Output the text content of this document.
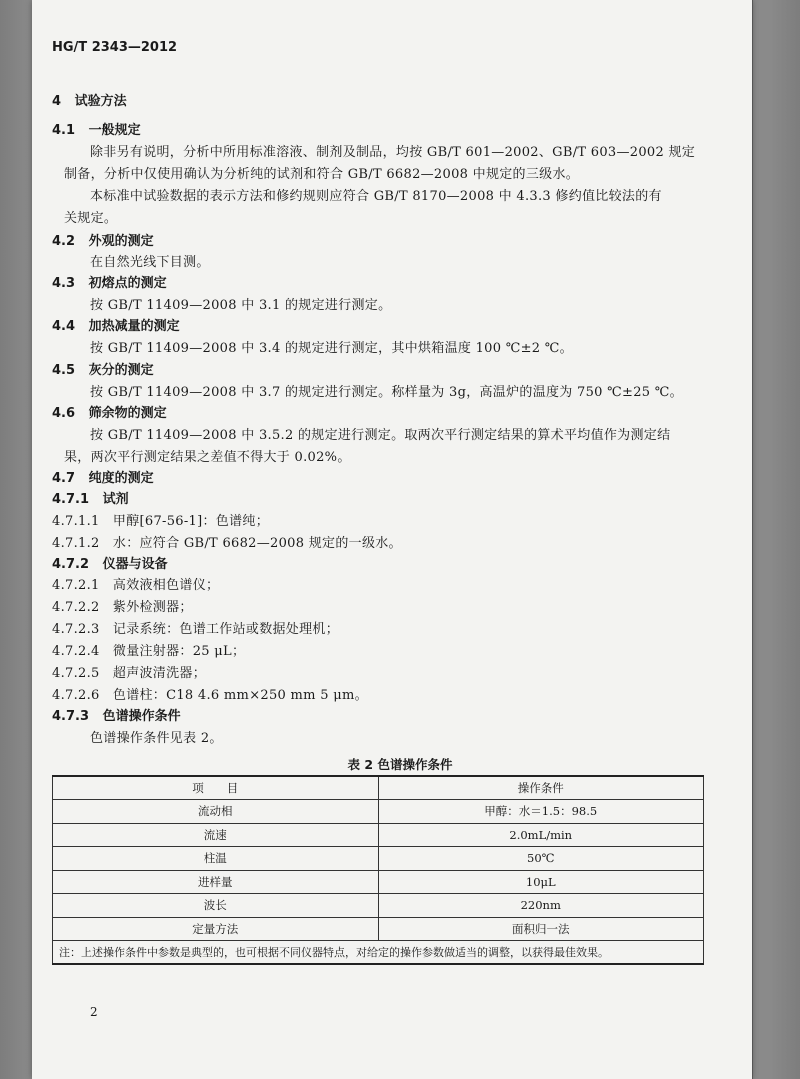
HG/T 2343—2012
4 试验方法
4.1 一般规定
除非另有说明，分析中所用标准溶液、制剂及制品，均按 GB/T 601—2002、GB/T 603—2002 规定
制备，分析中仅使用确认为分析纯的试剂和符合 GB/T 6682—2008 中规定的三级水。
本标准中试验数据的表示方法和修约规则应符合 GB/T 8170—2008 中 4.3.3 修约值比较法的有
关规定。
4.2 外观的测定
在自然光线下目测。
4.3 初熔点的测定
按 GB/T 11409—2008 中 3.1 的规定进行测定。
4.4 加热减量的测定
按 GB/T 11409—2008 中 3.4 的规定进行测定，其中烘箱温度 100 ℃±2 ℃。
4.5 灰分的测定
按 GB/T 11409—2008 中 3.7 的规定进行测定。称样量为 3g，高温炉的温度为 750 ℃±25 ℃。
4.6 筛余物的测定
按 GB/T 11409—2008 中 3.5.2 的规定进行测定。取两次平行测定结果的算术平均值作为测定结
果，两次平行测定结果之差值不得大于 0.02%。
4.7 纯度的测定
4.7.1 试剂
4.7.1.1 甲醇[67-56-1]：色谱纯；
4.7.1.2 水：应符合 GB/T 6682—2008 规定的一级水。
4.7.2 仪器与设备
4.7.2.1 高效液相色谱仪；
4.7.2.2 紫外检测器；
4.7.2.3 记录系统：色谱工作站或数据处理机；
4.7.2.4 微量注射器：25 μL；
4.7.2.5 超声波清洗器；
4.7.2.6 色谱柱：C18 4.6 mm×250 mm 5 μm。
4.7.3 色谱操作条件
色谱操作条件见表 2。
表 2 色谱操作条件
项　　目	操作条件
流动相	甲醇：水＝1.5：98.5
流速	2.0mL/min
柱温	50℃
进样量	10μL
波长	220nm
定量方法	面积归一法
注：上述操作条件中参数是典型的，也可根据不同仪器特点，对给定的操作参数做适当的调整，以获得最佳效果。	
2
